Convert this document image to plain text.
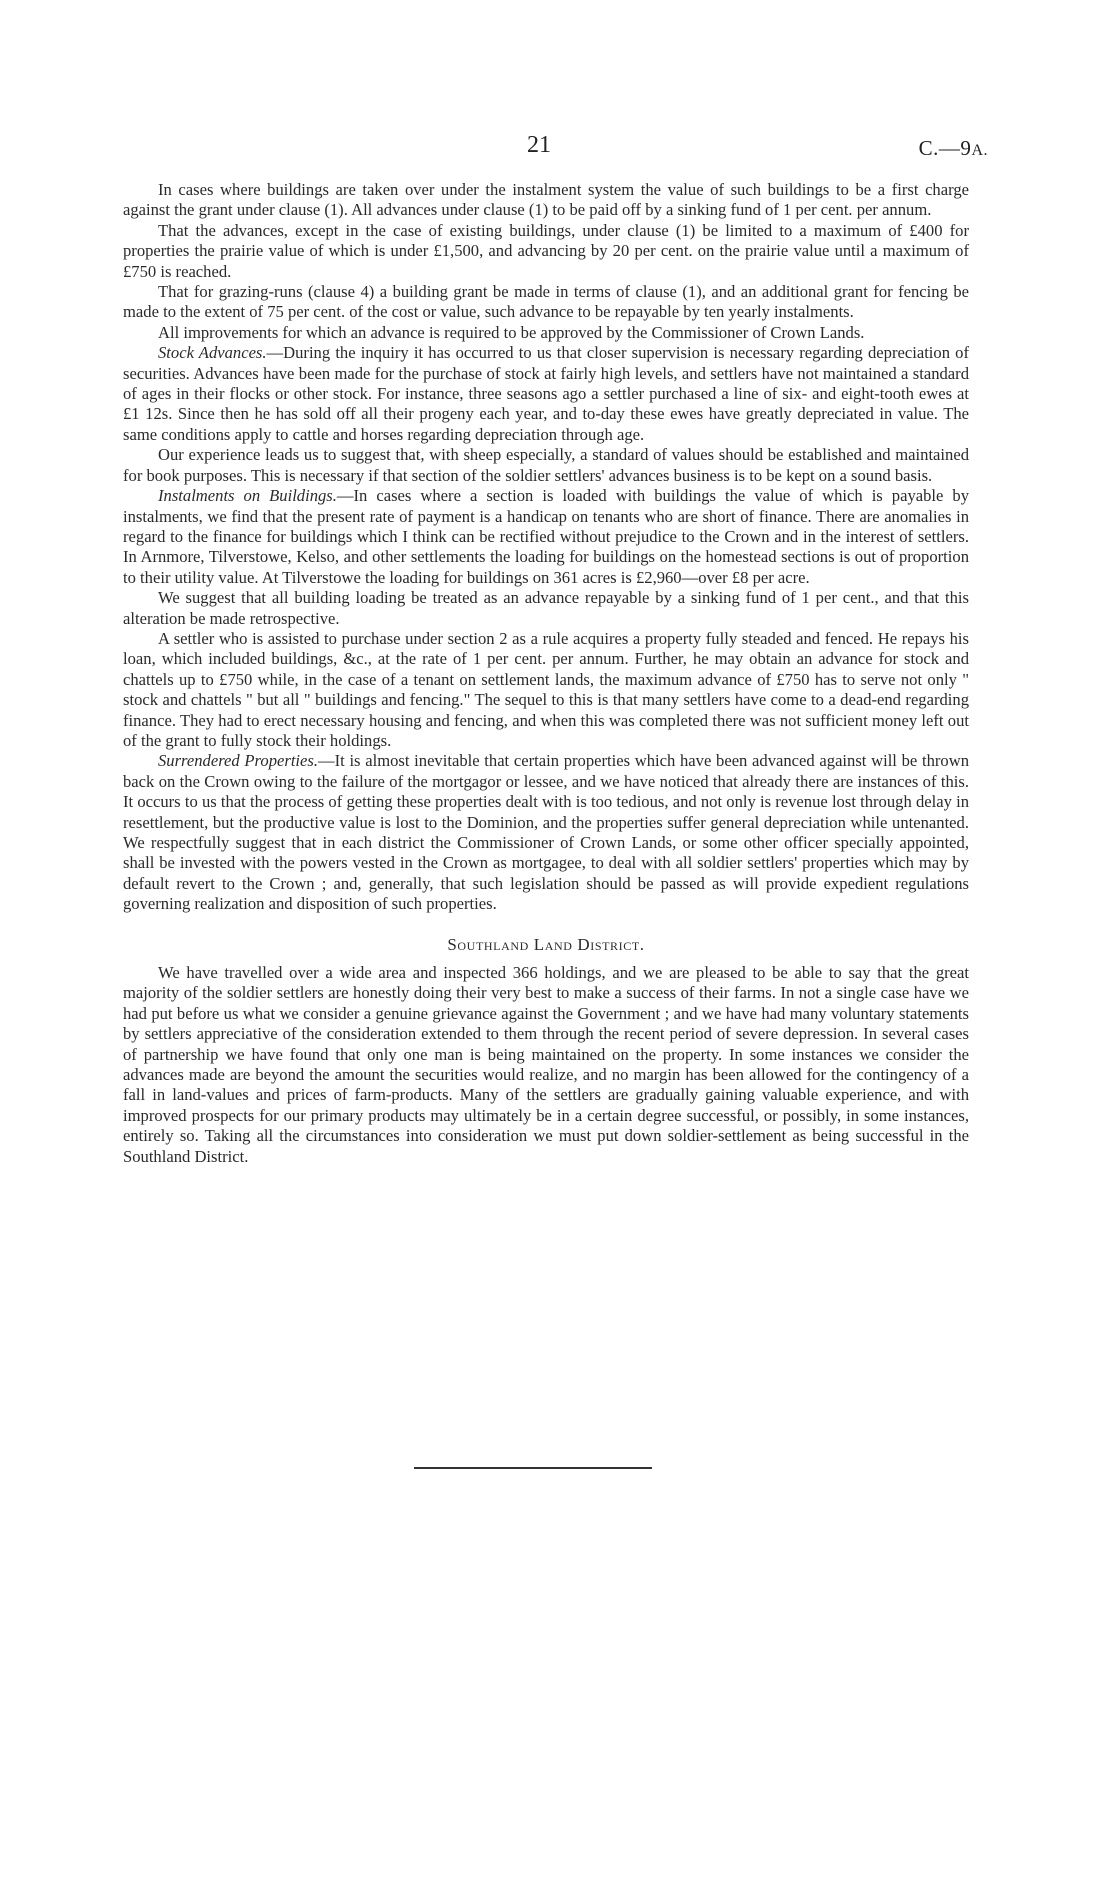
21	C.—9A.

In cases where buildings are taken over under the instalment system the value of such buildings to be a first charge against the grant under clause (1). All advances under clause (1) to be paid off by a sinking fund of 1 per cent. per annum.

That the advances, except in the case of existing buildings, under clause (1) be limited to a maximum of £400 for properties the prairie value of which is under £1,500, and advancing by 20 per cent. on the prairie value until a maximum of £750 is reached.

That for grazing-runs (clause 4) a building grant be made in terms of clause (1), and an additional grant for fencing be made to the extent of 75 per cent. of the cost or value, such advance to be repayable by ten yearly instalments.

All improvements for which an advance is required to be approved by the Commissioner of Crown Lands.

Stock Advances.—During the inquiry it has occurred to us that closer supervision is necessary regarding depreciation of securities. Advances have been made for the purchase of stock at fairly high levels, and settlers have not maintained a standard of ages in their flocks or other stock. For instance, three seasons ago a settler purchased a line of six- and eight-tooth ewes at £1 12s. Since then he has sold off all their progeny each year, and to-day these ewes have greatly depreciated in value. The same conditions apply to cattle and horses regarding depreciation through age.

Our experience leads us to suggest that, with sheep especially, a standard of values should be established and maintained for book purposes. This is necessary if that section of the soldier settlers' advances business is to be kept on a sound basis.

Instalments on Buildings.—In cases where a section is loaded with buildings the value of which is payable by instalments, we find that the present rate of payment is a handicap on tenants who are short of finance. There are anomalies in regard to the finance for buildings which I think can be rectified without prejudice to the Crown and in the interest of settlers. In Arnmore, Tilverstowe, Kelso, and other settlements the loading for buildings on the homestead sections is out of proportion to their utility value. At Tilverstowe the loading for buildings on 361 acres is £2,960—over £8 per acre.

We suggest that all building loading be treated as an advance repayable by a sinking fund of 1 per cent., and that this alteration be made retrospective.

A settler who is assisted to purchase under section 2 as a rule acquires a property fully steaded and fenced. He repays his loan, which included buildings, &c., at the rate of 1 per cent. per annum. Further, he may obtain an advance for stock and chattels up to £750 while, in the case of a tenant on settlement lands, the maximum advance of £750 has to serve not only " stock and chattels " but all " buildings and fencing." The sequel to this is that many settlers have come to a dead-end regarding finance. They had to erect necessary housing and fencing, and when this was completed there was not sufficient money left out of the grant to fully stock their holdings.

Surrendered Properties.—It is almost inevitable that certain properties which have been advanced against will be thrown back on the Crown owing to the failure of the mortgagor or lessee, and we have noticed that already there are instances of this. It occurs to us that the process of getting these properties dealt with is too tedious, and not only is revenue lost through delay in resettlement, but the productive value is lost to the Dominion, and the properties suffer general depreciation while untenanted. We respectfully suggest that in each district the Commissioner of Crown Lands, or some other officer specially appointed, shall be invested with the powers vested in the Crown as mortgagee, to deal with all soldier settlers' properties which may by default revert to the Crown ; and, generally, that such legislation should be passed as will provide expedient regulations governing realization and disposition of such properties.

Southland Land District.

We have travelled over a wide area and inspected 366 holdings, and we are pleased to be able to say that the great majority of the soldier settlers are honestly doing their very best to make a success of their farms. In not a single case have we had put before us what we consider a genuine grievance against the Government ; and we have had many voluntary statements by settlers appreciative of the consideration extended to them through the recent period of severe depression. In several cases of partnership we have found that only one man is being maintained on the property. In some instances we consider the advances made are beyond the amount the securities would realize, and no margin has been allowed for the contingency of a fall in land-values and prices of farm-products. Many of the settlers are gradually gaining valuable experience, and with improved prospects for our primary products may ultimately be in a certain degree successful, or possibly, in some instances, entirely so. Taking all the circumstances into consideration we must put down soldier-settlement as being successful in the Southland District.
